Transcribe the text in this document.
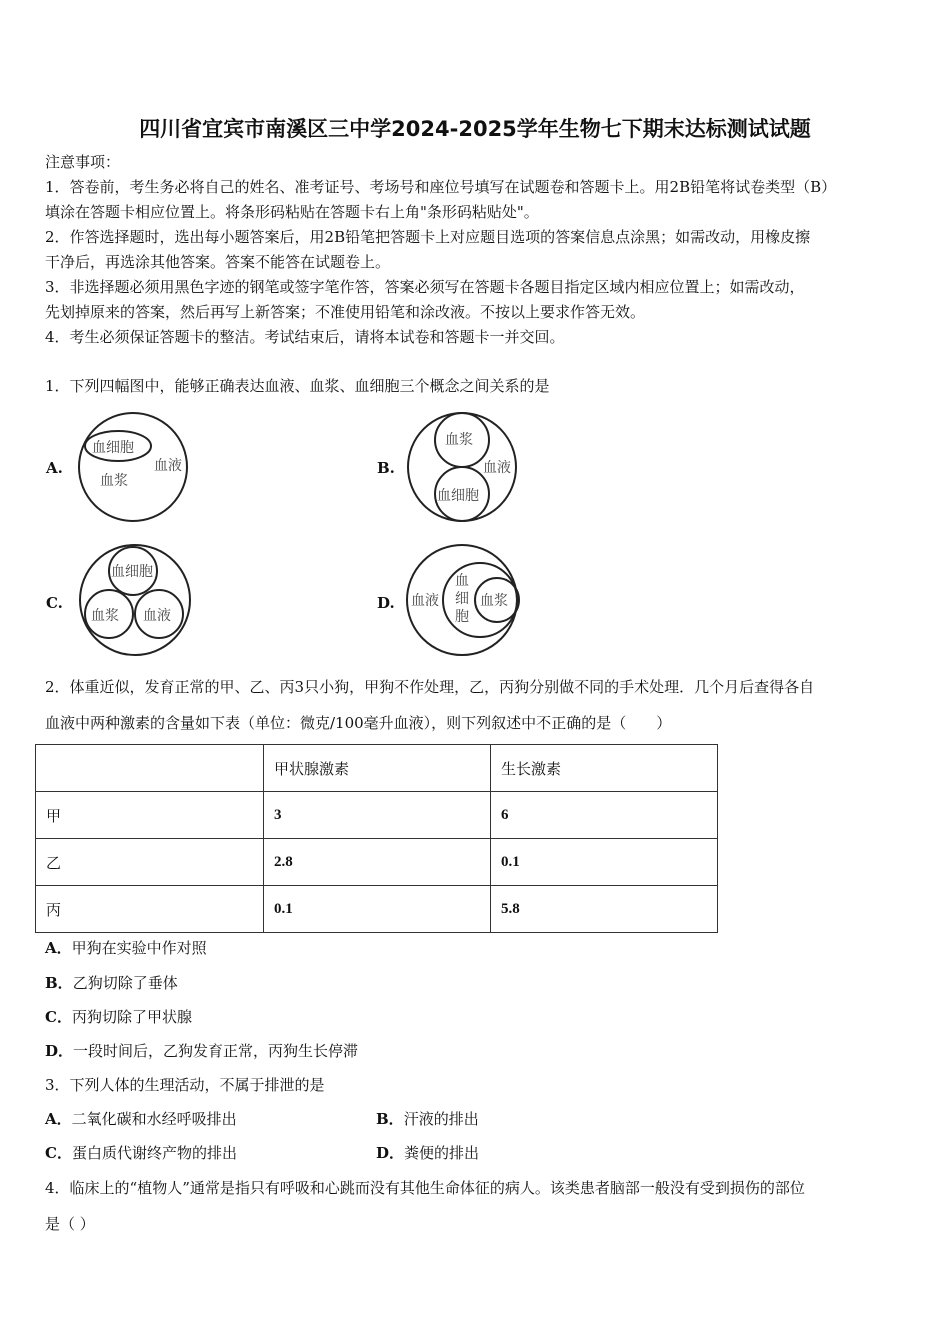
四川省宜宾市南溪区三中学2024-2025学年生物七下期末达标测试试题
注意事项：
1．答卷前，考生务必将自己的姓名、准考证号、考场号和座位号填写在试题卷和答题卡上。用2B铅笔将试卷类型（B）
填涂在答题卡相应位置上。将条形码粘贴在答题卡右上角"条形码粘贴处"。
2．作答选择题时，选出每小题答案后，用2B铅笔把答题卡上对应题目选项的答案信息点涂黑；如需改动，用橡皮擦
干净后，再选涂其他答案。答案不能答在试题卷上。
3．非选择题必须用黑色字迹的钢笔或签字笔作答，答案必须写在答题卡各题目指定区域内相应位置上；如需改动，
先划掉原来的答案，然后再写上新答案；不准使用铅笔和涂改液。不按以上要求作答无效。
4．考生必须保证答题卡的整洁。考试结束后，请将本试卷和答题卡一并交回。
1．下列四幅图中，能够正确表达血液、血浆、血细胞三个概念之间关系的是
A.
血细胞
血浆
血液	B.
血浆
血液
血细胞
C.
血细胞
血浆 血液
D. 血液
血
细
胞
血浆
2．体重近似，发育正常的甲、乙、丙3只小狗，甲狗不作处理，乙，丙狗分别做不同的手术处理．几个月后查得各自
血液中两种激素的含量如下表（单位：微克/100毫升血液），则下列叙述中不正确的是（　　）
	甲状腺激素	生长激素
甲	3	6
乙	2.8	0.1
丙	0.1	5.8
A．甲狗在实验中作对照
B．乙狗切除了垂体
C．丙狗切除了甲状腺
D．一段时间后，乙狗发育正常，丙狗生长停滞
3．下列人体的生理活动，不属于排泄的是
A．二氧化碳和水经呼吸排出	B．汗液的排出
C．蛋白质代谢终产物的排出	D．粪便的排出
4．临床上的“植物人”通常是指只有呼吸和心跳而没有其他生命体征的病人。该类患者脑部一般没有受到损伤的部位
是（ ）
